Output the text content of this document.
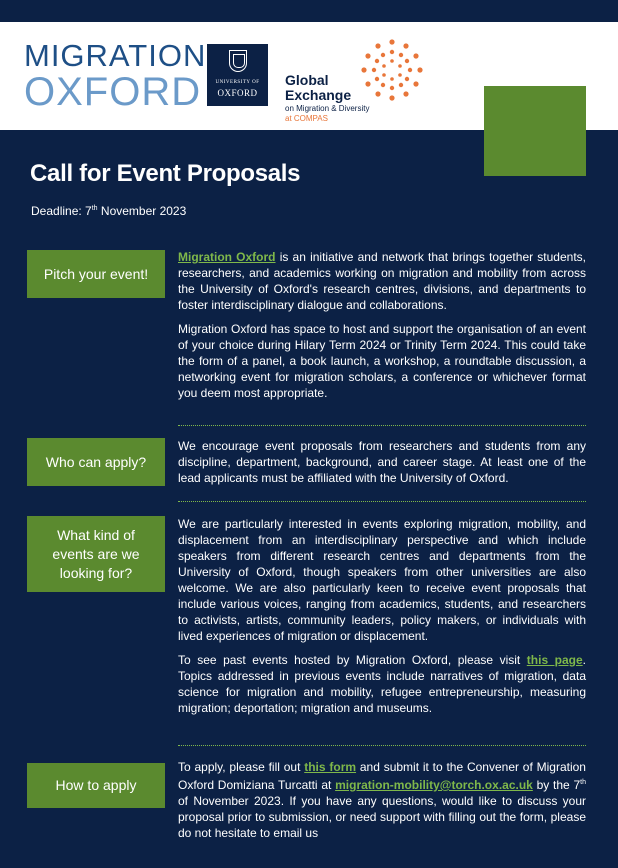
MIGRATION
OXFORD	UNIVERSITY OF
OXFORD
Global
Exchange
on Migration & Diversity
at COMPAS
Call for Event Proposals
Deadline: 7th November 2023
Pitch your event!

Migration Oxford is an initiative and network that brings together students, researchers, and academics working on migration and mobility from across the University of Oxford's research centres, divisions, and departments to foster interdisciplinary dialogue and collaborations.

Migration Oxford has space to host and support the organisation of an event of your choice during Hilary Term 2024 or Trinity Term 2024. This could take the form of a panel, a book launch, a workshop, a roundtable discussion, a networking event for migration scholars, a conference or whichever format you deem most appropriate.

Who can apply?

We encourage event proposals from researchers and students from any discipline, department, background, and career stage. At least one of the lead applicants must be affiliated with the University of Oxford.

What kind of events are we looking for?

We are particularly interested in events exploring migration, mobility, and displacement from an interdisciplinary perspective and which include speakers from different research centres and departments from the University of Oxford, though speakers from other universities are also welcome. We are also particularly keen to receive event proposals that include various voices, ranging from academics, students, and researchers to activists, artists, community leaders, policy makers, or individuals with lived experiences of migration or displacement.

To see past events hosted by Migration Oxford, please visit this page. Topics addressed in previous events include narratives of migration, data science for migration and mobility, refugee entrepreneurship, measuring migration; deportation; migration and museums.

How to apply

To apply, please fill out this form and submit it to the Convener of Migration Oxford Domiziana Turcatti at migration-mobility@torch.ox.ac.uk by the 7th of November 2023. If you have any questions, would like to discuss your proposal prior to submission, or need support with filling out the form, please do not hesitate to email us
